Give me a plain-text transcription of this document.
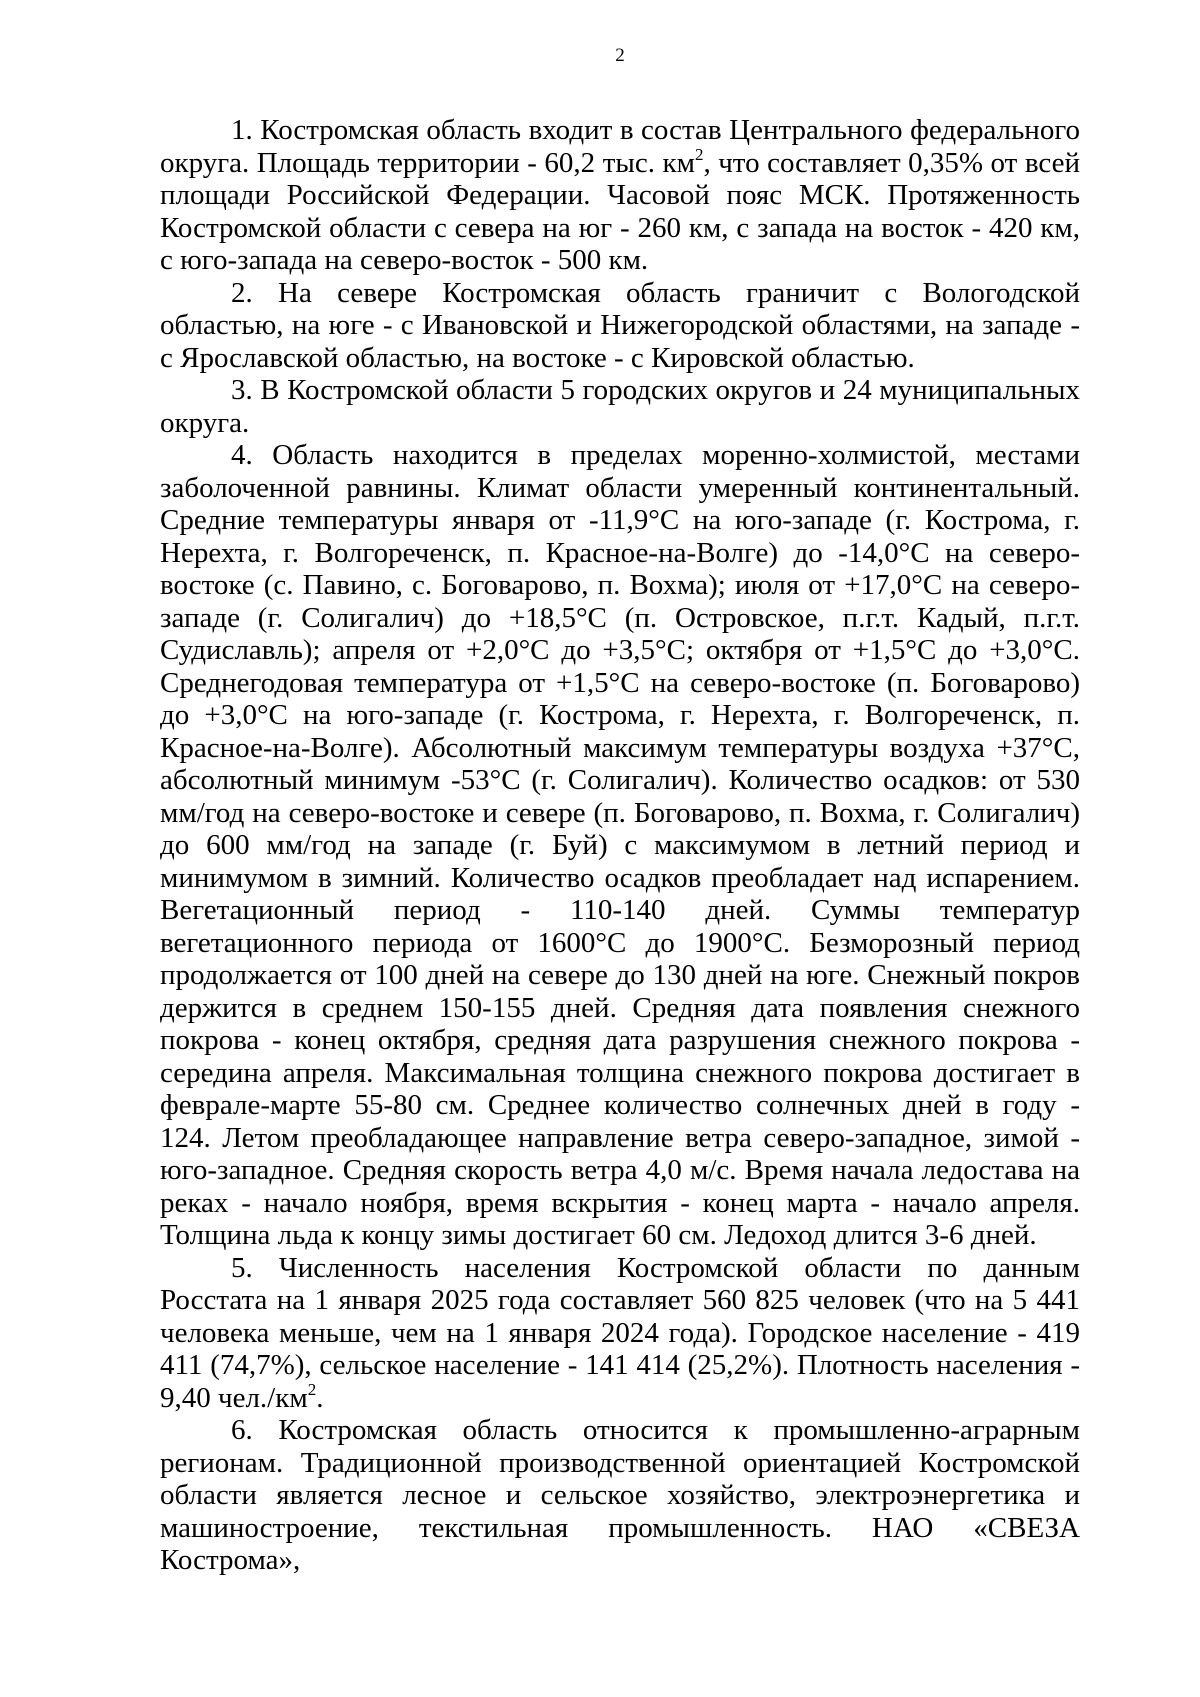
2

1. Костромская область входит в состав Центрального федерального округа. Площадь территории - 60,2 тыс. $км^2$, что составляет 0,35% от всей площади Российской Федерации. Часовой пояс МСК. Протяженность Костромской области с севера на юг - 260 км, с запада на восток - 420 км, с юго-запада на северо-восток - 500 км.

2. На севере Костромская область граничит с Вологодской областью, на юге - с Ивановской и Нижегородской областями, на западе - с Ярославской областью, на востоке - с Кировской областью.

3. В Костромской области 5 городских округов и 24 муниципальных округа.

4. Область находится в пределах моренно-холмистой, местами заболоченной равнины. Климат области умеренный континентальный. Средние температуры января от -11,9°С на юго-западе (г. Кострома, г. Нерехта, г. Волгореченск, п. Красное-на-Волге) до -14,0°С на северо-востоке (с. Павино, с. Боговарово, п. Вохма); июля от +17,0°С на северо-западе (г. Солигалич) до +18,5°С (п. Островское, п.г.т. Кадый, п.г.т. Судиславль); апреля от +2,0°С до +3,5°С; октября от +1,5°С до +3,0°С. Среднегодовая температура от +1,5°С на северо-востоке (п. Боговарово) до +3,0°С на юго-западе (г. Кострома, г. Нерехта, г. Волгореченск, п. Красное-на-Волге). Абсолютный максимум температуры воздуха +37°С, абсолютный минимум -53°С (г. Солигалич). Количество осадков: от 530 мм/год на северо-востоке и севере (п. Боговарово, п. Вохма, г. Солигалич) до 600 мм/год на западе (г. Буй) с максимумом в летний период и минимумом в зимний. Количество осадков преобладает над испарением. Вегетационный период - 110-140 дней. Суммы температур вегетационного периода от 1600°С до 1900°С. Безморозный период продолжается от 100 дней на севере до 130 дней на юге. Снежный покров держится в среднем 150-155 дней. Средняя дата появления снежного покрова - конец октября, средняя дата разрушения снежного покрова - середина апреля. Максимальная толщина снежного покрова достигает в феврале-марте 55-80 см. Среднее количество солнечных дней в году - 124. Летом преобладающее направление ветра северо-западное, зимой - юго-западное. Средняя скорость ветра 4,0 м/с. Время начала ледостава на реках - начало ноября, время вскрытия - конец марта - начало апреля. Толщина льда к концу зимы достигает 60 см. Ледоход длится 3-6 дней.

5. Численность населения Костромской области по данным Росстата на 1 января 2025 года составляет 560 825 человек (что на 5 441 человека меньше, чем на 1 января 2024 года). Городское население - 419 411 (74,7%), сельское население - 141 414 (25,2%). Плотность населения - 9,40 $чел./км^2$.

6. Костромская область относится к промышленно-аграрным регионам. Традиционной производственной ориентацией Костромской области является лесное и сельское хозяйство, электроэнергетика и машиностроение, текстильная промышленность. НАО «СВЕЗА Кострома»,
